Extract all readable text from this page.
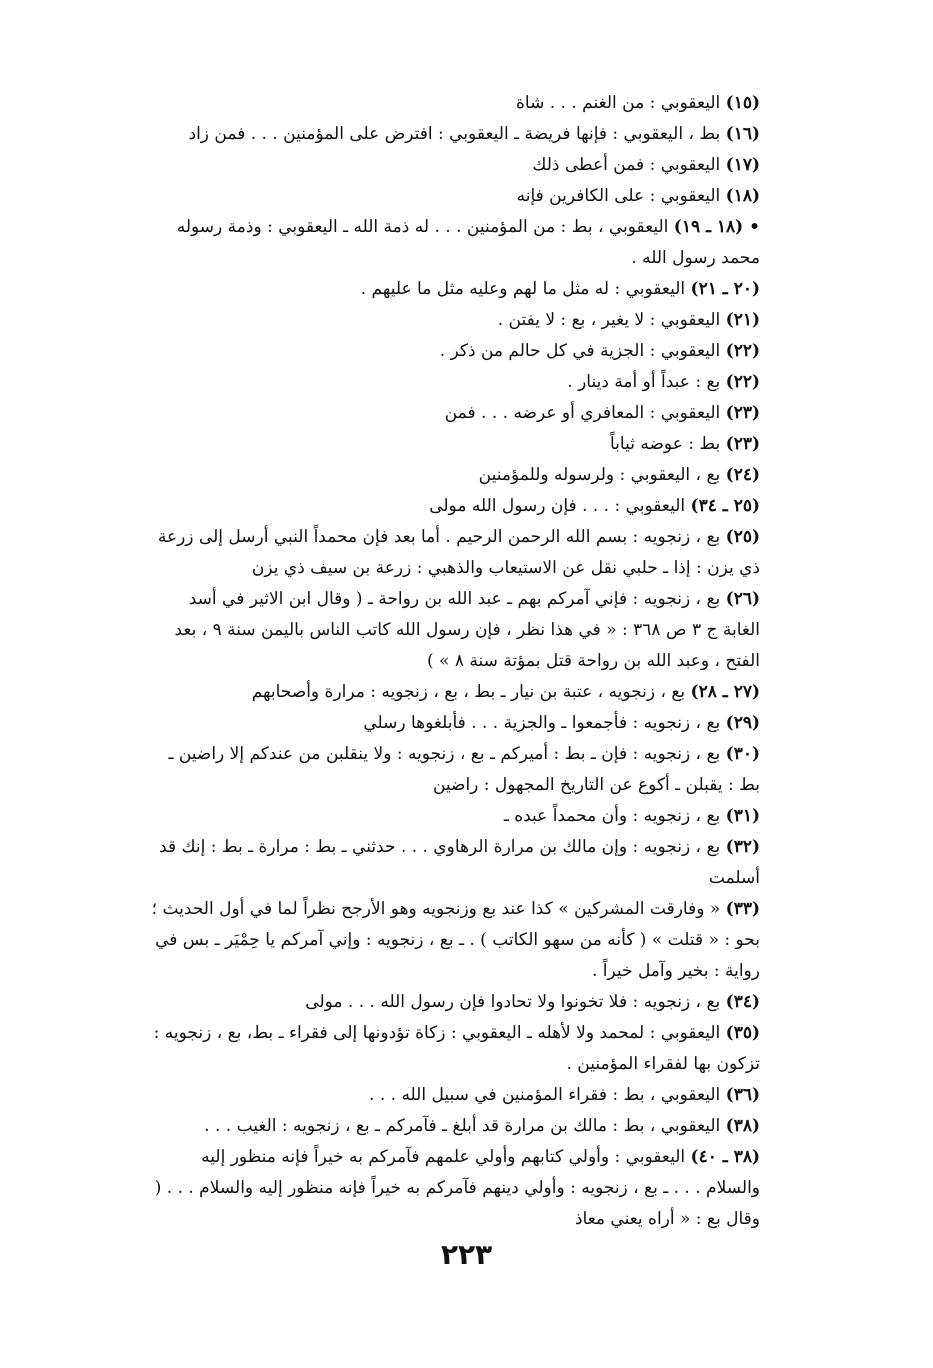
(١٥) اليعقوبي : من الغنم . . . شاة

(١٦) بط ، اليعقوبي : فإنها فريضة ـ اليعقوبي : افترض على المؤمنين . . . فمن زاد

(١٧) اليعقوبي : فمن أعطى ذلك

(١٨) اليعقوبي : على الكافرين فإنه

• (١٨ ـ ١٩) اليعقوبي ، بط : من المؤمنين . . . له ذمة الله ـ اليعقوبي : وذمة رسوله محمد رسول الله .

(٢٠ ـ ٢١) اليعقوبي : له مثل ما لهم وعليه مثل ما عليهم .

(٢١) اليعقوبي : لا يغير ، بع : لا يفتن .

(٢٢) اليعقوبي : الجزية في كل حالم من ذكر .

(٢٢) بع : عبداً أو أمة دينار .

(٢٣) اليعقوبي : المعافري أو عرضه . . . فمن

(٢٣) بط : عوضه ثياباً

(٢٤) بع ، اليعقوبي : ولرسوله وللمؤمنين

(٢٥ ـ ٣٤) اليعقوبي : . . . فإن رسول الله مولى

(٢٥) بع ، زنجويه : بسم الله الرحمن الرحيم . أما بعد فإن محمداً النبي أرسل إلى زرعة ذي يزن : إذا ـ حلبي نقل عن الاستيعاب والذهبي : زرعة بن سيف ذي يزن

(٢٦) بع ، زنجويه : فإني آمركم بهم ـ عبد الله بن رواحة ـ ( وقال ابن الاثير في أسد الغابة ج ٣ ص ٣٦٨ : « في هذا نظر ، فإن رسول الله كاتب الناس باليمن سنة ٩ ، بعد الفتح ، وعبد الله بن رواحة قتل بمؤتة سنة ٨ » )

(٢٧ ـ ٢٨) بع ، زنجويه ، عتبة بن نيار ـ بط ، بع ، زنجويه : مرارة وأصحابهم

(٢٩) بع ، زنجويه : فأجمعوا ـ والجزية . . . فأبلغوها رسلي

(٣٠) بع ، زنجويه : فإن ـ بط : أميركم ـ بع ، زنجويه : ولا ينقلبن من عندكم إلا راضين ـ بط : يقبلن ـ أكوع عن التاريخ المجهول : راضين

(٣١) بع ، زنجويه : وأن محمداً عبده ـ

(٣٢) بع ، زنجويه : وإن مالك بن مرارة الرهاوي . . . حدثني ـ بط : مرارة ـ بط : إنك قد أسلمت

(٣٣) « وفارقت المشركين » كذا عند بع وزنجويه وهو الأرجح نظراً لما في أول الحديث ؛ بحو : « قتلت » ( كأنه من سهو الكاتب ) . ـ بع ، زنجويه : وإني آمركم يا حِمْيَر ـ بس في رواية : بخير وآمل خيراً .

(٣٤) بع ، زنجويه : فلا تخونوا ولا تحادوا فإن رسول الله . . . مولى

(٣٥) اليعقوبي : لمحمد ولا لأهله ـ اليعقوبي : زكاة تؤدونها إلى فقراء ـ بط، بع ، زنجويه : تزكون بها لفقراء المؤمنين .

(٣٦) اليعقوبي ، بط : فقراء المؤمنين في سبيل الله . . .

(٣٨) اليعقوبي ، بط : مالك بن مرارة قد أبلغ ـ فآمركم ـ بع ، زنجويه : الغيب . . .

(٣٨ ـ ٤٠) اليعقوبي : وأولي كتابهم وأولي علمهم فآمركم به خيراً فإنه منظور إليه والسلام . . . ـ بع ، زنجويه : وأولي دينهم فآمركم به خيراً فإنه منظور إليه والسلام . . . ( وقال بع : « أراه يعني معاذ

٢٢٣
